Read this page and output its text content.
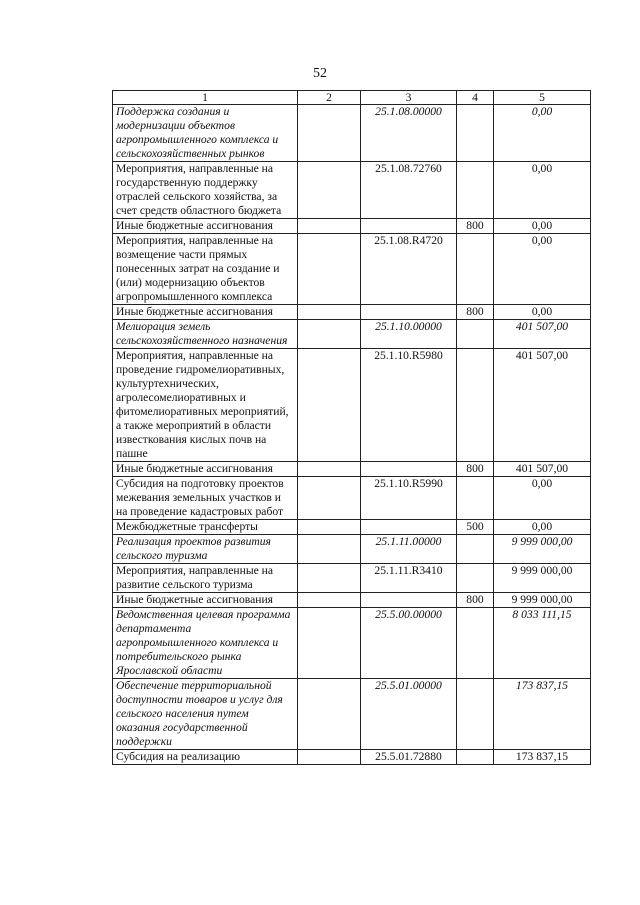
52
1	2	3	4	5
Поддержка создания и модернизации объектов агропромышленного комплекса и сельскохозяйственных рынков		25.1.08.00000		0,00
Мероприятия, направленные на государственную поддержку отраслей сельского хозяйства, за счет средств областного бюджета		25.1.08.72760		0,00
Иные бюджетные ассигнования			800	0,00
Мероприятия, направленные на возмещение части прямых понесенных затрат на создание и (или) модернизацию объектов агропромышленного комплекса		25.1.08.R4720		0,00
Иные бюджетные ассигнования			800	0,00
Мелиорация земель сельскохозяйственного назначения		25.1.10.00000		401 507,00
Мероприятия, направленные на проведение гидромелиоративных, культуртехнических, агролесомелиоративных и фитомелиоративных мероприятий, а также мероприятий в области известкования кислых почв на пашне		25.1.10.R5980		401 507,00
Иные бюджетные ассигнования			800	401 507,00
Субсидия на подготовку проектов межевания земельных участков и на проведение кадастровых работ		25.1.10.R5990		0,00
Межбюджетные трансферты			500	0,00
Реализация проектов развития сельского туризма		25.1.11.00000		9 999 000,00
Мероприятия, направленные на развитие сельского туризма		25.1.11.R3410		9 999 000,00
Иные бюджетные ассигнования			800	9 999 000,00
Ведомственная целевая программа департамента агропромышленного комплекса и потребительского рынка Ярославской области		25.5.00.00000		8 033 111,15
Обеспечение территориальной доступности товаров и услуг для сельского населения путем оказания государственной поддержки		25.5.01.00000		173 837,15
Субсидия на реализацию		25.5.01.72880		173 837,15
